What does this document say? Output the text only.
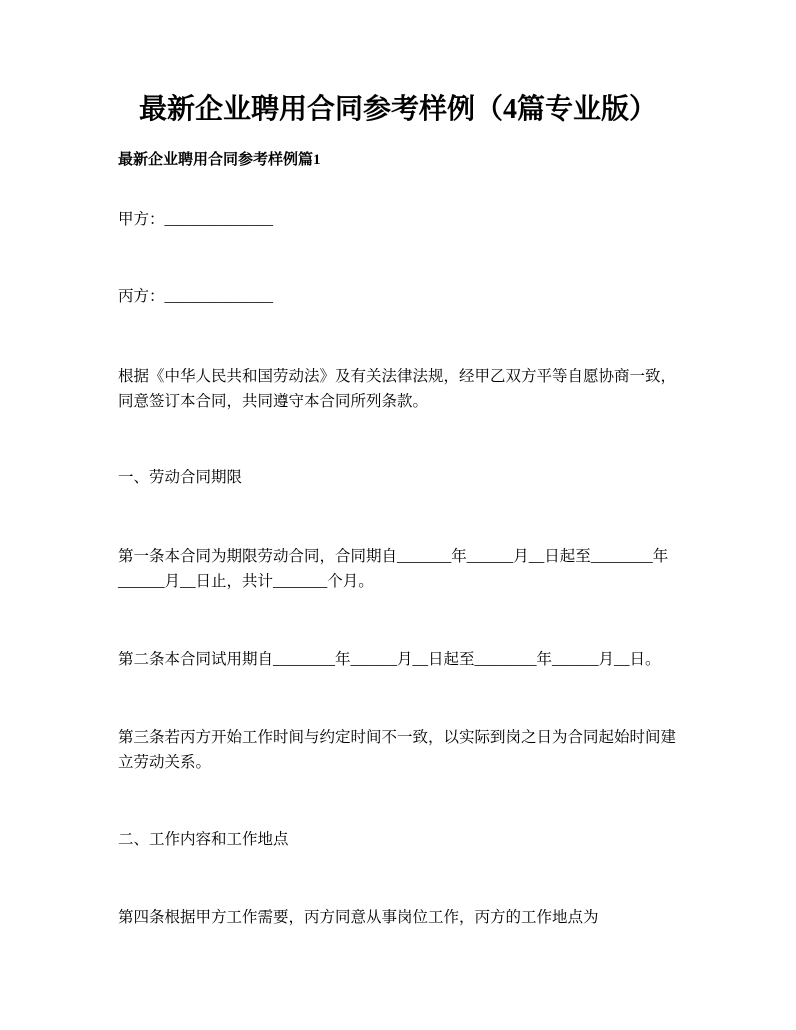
最新企业聘用合同参考样例（4篇专业版）
最新企业聘用合同参考样例篇1
甲方：______________
丙方：______________
根据《中华人民共和国劳动法》及有关法律法规，经甲乙双方平等自愿协商一致，
同意签订本合同，共同遵守本合同所列条款。
一、劳动合同期限
第一条本合同为期限劳动合同，合同期自_______年______月__日起至________年
______月__日止，共计_______个月。
第二条本合同试用期自________年______月__日起至________年______月__日。
第三条若丙方开始工作时间与约定时间不一致，以实际到岗之日为合同起始时间建
立劳动关系。
二、工作内容和工作地点
第四条根据甲方工作需要，丙方同意从事岗位工作，丙方的工作地点为
